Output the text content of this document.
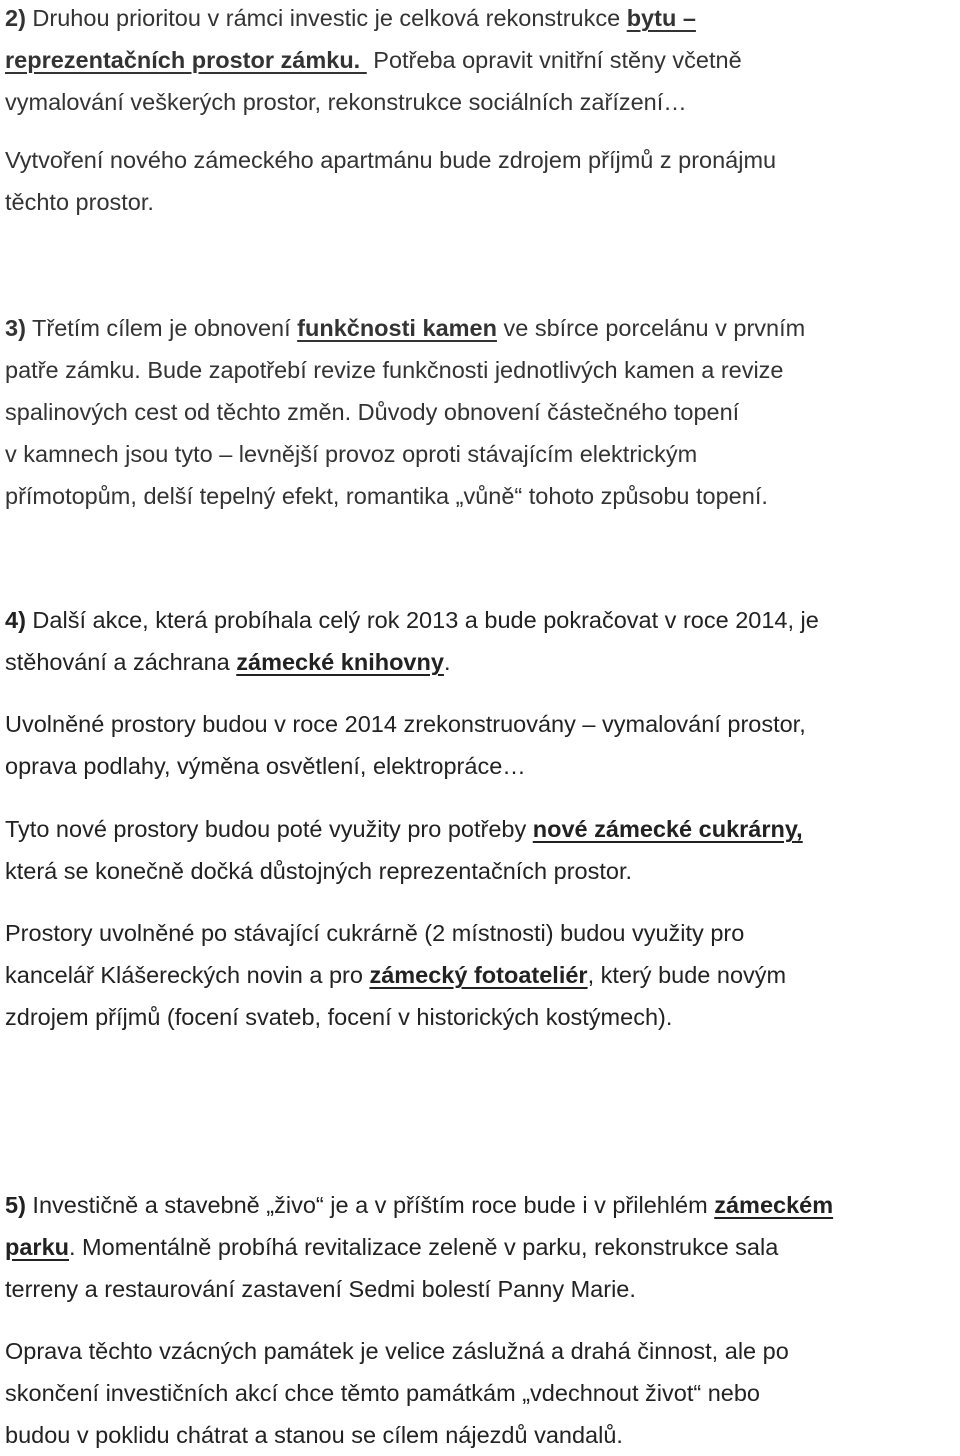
2) Druhou prioritou v rámci investic je celková rekonstrukce bytu –
reprezentačních prostor zámku.  Potřeba opravit vnitřní stěny včetně
vymalování veškerých prostor, rekonstrukce sociálních zařízení…

Vytvoření nového zámeckého apartmánu bude zdrojem příjmů z pronájmu
těchto prostor.

3) Třetím cílem je obnovení funkčnosti kamen ve sbírce porcelánu v prvním
patře zámku. Bude zapotřebí revize funkčnosti jednotlivých kamen a revize
spalinových cest od těchto změn. Důvody obnovení částečného topení
v kamnech jsou tyto – levnější provoz oproti stávajícím elektrickým
přímotopům, delší tepelný efekt, romantika „vůně“ tohoto způsobu topení.

4) Další akce, která probíhala celý rok 2013 a bude pokračovat v roce 2014, je
stěhování a záchrana zámecké knihovny.

Uvolněné prostory budou v roce 2014 zrekonstruovány – vymalování prostor,
oprava podlahy, výměna osvětlení, elektropráce…

Tyto nové prostory budou poté využity pro potřeby nové zámecké cukrárny,
která se konečně dočká důstojných reprezentačních prostor.

Prostory uvolněné po stávající cukrárně (2 místnosti) budou využity pro
kancelář Klášereckých novin a pro zámecký fotoateliér, který bude novým
zdrojem příjmů (focení svateb, focení v historických kostýmech).

5) Investičně a stavebně „živo“ je a v příštím roce bude i v přilehlém zámeckém
parku. Momentálně probíhá revitalizace zeleně v parku, rekonstrukce sala
terreny a restaurování zastavení Sedmi bolestí Panny Marie.

Oprava těchto vzácných památek je velice záslužná a drahá činnost, ale po
skončení investičních akcí chce těmto památkám „vdechnout život“ nebo
budou v poklidu chátrat a stanou se cílem nájezdů vandalů.
